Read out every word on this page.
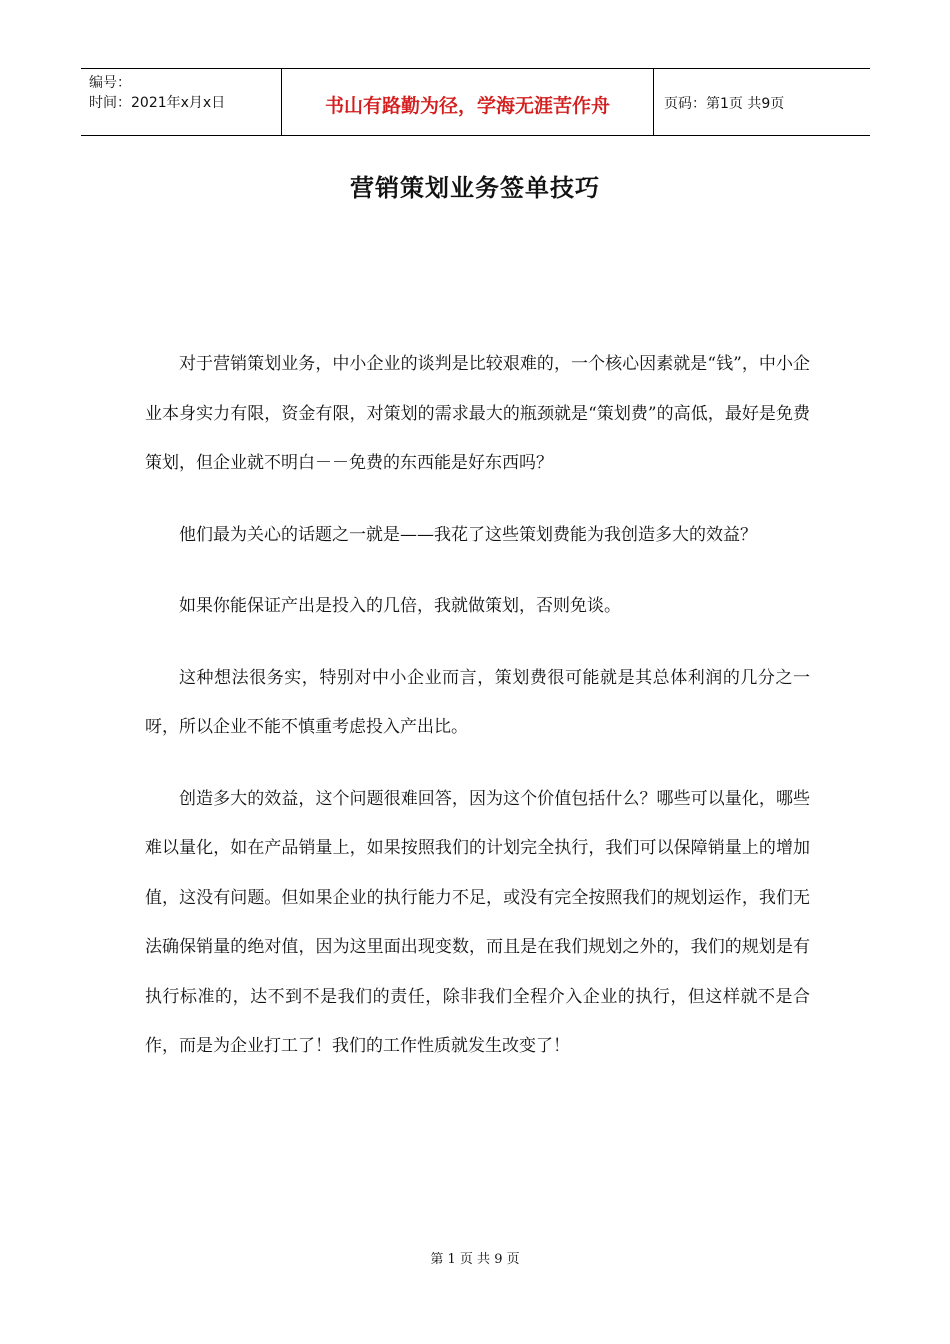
编号：
时间：2021年x月x日	书山有路勤为径，学海无涯苦作舟	页码：第1页 共9页
营销策划业务签单技巧

对于营销策划业务，中小企业的谈判是比较艰难的，一个核心因素就是“钱”，中小企业本身实力有限，资金有限，对策划的需求最大的瓶颈就是“策划费”的高低，最好是免费策划，但企业就不明白－－免费的东西能是好东西吗？

他们最为关心的话题之一就是——我花了这些策划费能为我创造多大的效益？

如果你能保证产出是投入的几倍，我就做策划，否则免谈。

这种想法很务实，特别对中小企业而言，策划费很可能就是其总体利润的几分之一呀，所以企业不能不慎重考虑投入产出比。

创造多大的效益，这个问题很难回答，因为这个价值包括什么？哪些可以量化，哪些难以量化，如在产品销量上，如果按照我们的计划完全执行，我们可以保障销量上的增加值，这没有问题。但如果企业的执行能力不足，或没有完全按照我们的规划运作，我们无法确保销量的绝对值，因为这里面出现变数，而且是在我们规划之外的，我们的规划是有执行标准的，达不到不是我们的责任，除非我们全程介入企业的执行，但这样就不是合作，而是为企业打工了！我们的工作性质就发生改变了！

第 1 页 共 9 页
